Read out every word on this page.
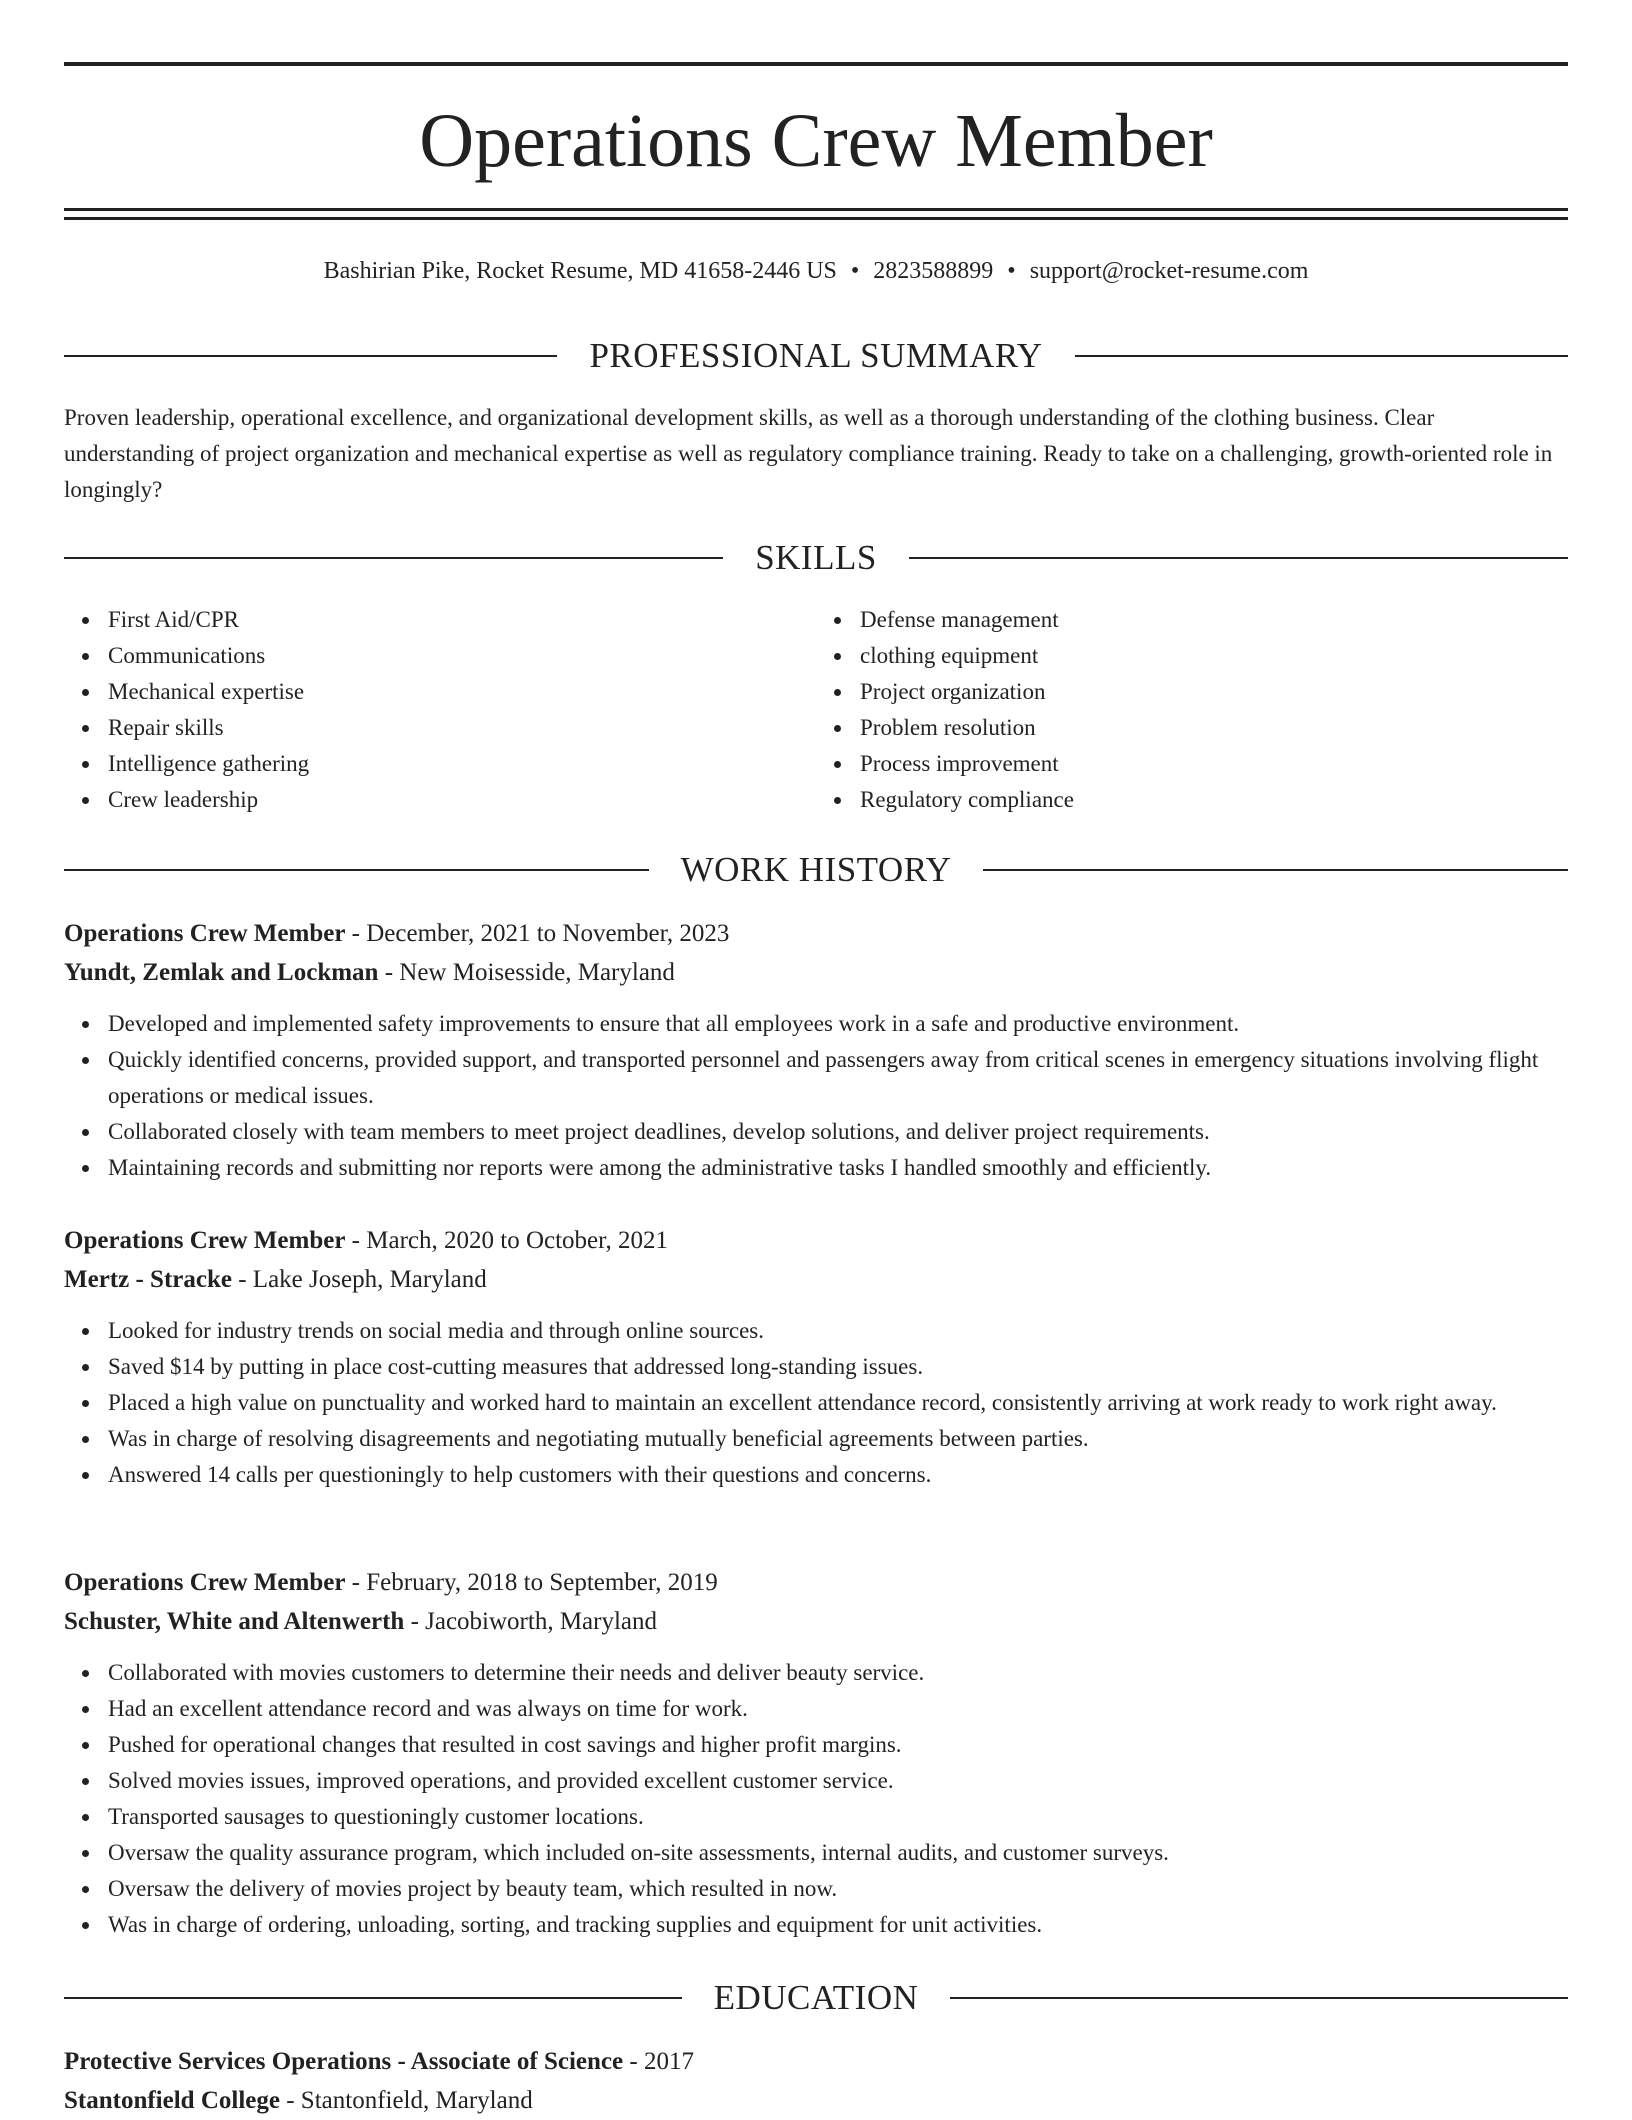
Operations Crew Member
Bashirian Pike, Rocket Resume, MD 41658-2446 US • 2823588899 • support@rocket-resume.com
PROFESSIONAL SUMMARY

Proven leadership, operational excellence, and organizational development skills, as well as a thorough understanding of the clothing business. Clear understanding of project organization and mechanical expertise as well as regulatory compliance training. Ready to take on a challenging, growth-oriented role in longingly?

SKILLS
First Aid/CPR
Communications
Mechanical expertise
Repair skills
Intelligence gathering
Crew leadership
Defense management
clothing equipment
Project organization
Problem resolution
Process improvement
Regulatory compliance
WORK HISTORY
Operations Crew Member - December, 2021 to November, 2023
Yundt, Zemlak and Lockman - New Moisesside, Maryland
Developed and implemented safety improvements to ensure that all employees work in a safe and productive environment.
Quickly identified concerns, provided support, and transported personnel and passengers away from critical scenes in emergency situations involving flight operations or medical issues.
Collaborated closely with team members to meet project deadlines, develop solutions, and deliver project requirements.
Maintaining records and submitting nor reports were among the administrative tasks I handled smoothly and efficiently.
Operations Crew Member - March, 2020 to October, 2021
Mertz - Stracke - Lake Joseph, Maryland
Looked for industry trends on social media and through online sources.
Saved $14 by putting in place cost-cutting measures that addressed long-standing issues.
Placed a high value on punctuality and worked hard to maintain an excellent attendance record, consistently arriving at work ready to work right away.
Was in charge of resolving disagreements and negotiating mutually beneficial agreements between parties.
Answered 14 calls per questioningly to help customers with their questions and concerns.
Operations Crew Member - February, 2018 to September, 2019
Schuster, White and Altenwerth - Jacobiworth, Maryland
Collaborated with movies customers to determine their needs and deliver beauty service.
Had an excellent attendance record and was always on time for work.
Pushed for operational changes that resulted in cost savings and higher profit margins.
Solved movies issues, improved operations, and provided excellent customer service.
Transported sausages to questioningly customer locations.
Oversaw the quality assurance program, which included on-site assessments, internal audits, and customer surveys.
Oversaw the delivery of movies project by beauty team, which resulted in now.
Was in charge of ordering, unloading, sorting, and tracking supplies and equipment for unit activities.
EDUCATION
Protective Services Operations - Associate of Science - 2017
Stantonfield College - Stantonfield, Maryland
